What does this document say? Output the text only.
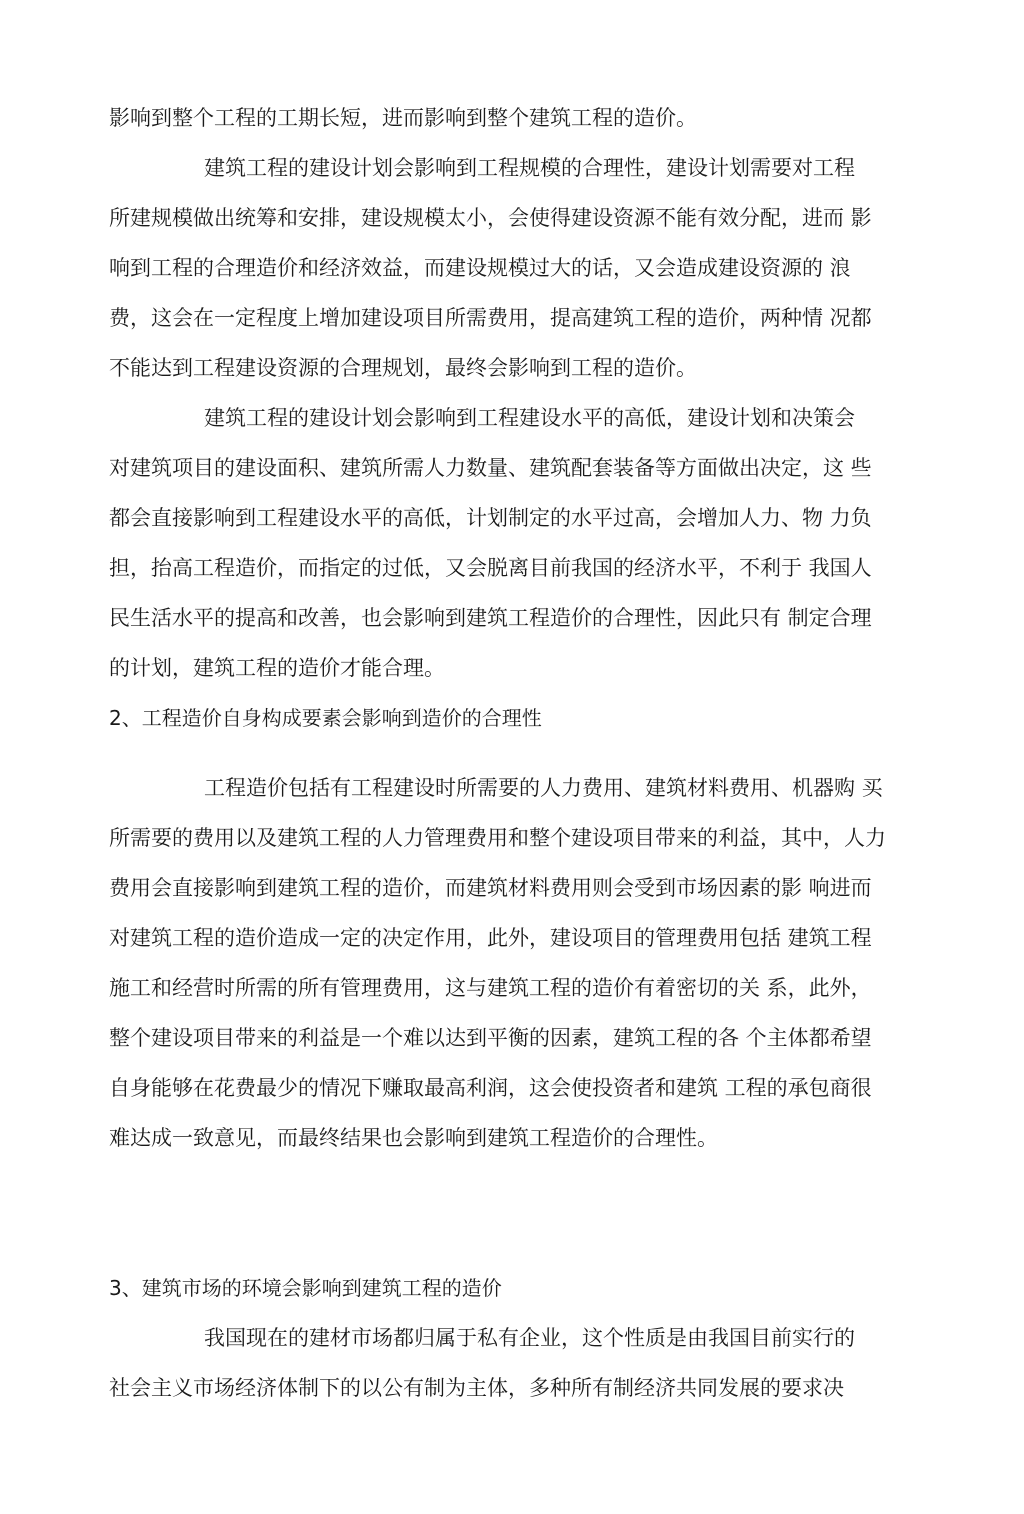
影响到整个工程的工期长短，进而影响到整个建筑工程的造价。
建筑工程的建设计划会影响到工程规模的合理性，建设计划需要对工程
所建规模做出统筹和安排，建设规模太小，会使得建设资源不能有效分配，进而 影
响到工程的合理造价和经济效益，而建设规模过大的话，又会造成建设资源的 浪
费，这会在一定程度上增加建设项目所需费用，提高建筑工程的造价，两种情 况都
不能达到工程建设资源的合理规划，最终会影响到工程的造价。
建筑工程的建设计划会影响到工程建设水平的高低，建设计划和决策会
对建筑项目的建设面积、建筑所需人力数量、建筑配套装备等方面做出决定，这 些
都会直接影响到工程建设水平的高低，计划制定的水平过高，会增加人力、物 力负
担，抬高工程造价，而指定的过低，又会脱离目前我国的经济水平，不利于 我国人
民生活水平的提高和改善，也会影响到建筑工程造价的合理性，因此只有 制定合理
的计划，建筑工程的造价才能合理。
2、工程造价自身构成要素会影响到造价的合理性
工程造价包括有工程建设时所需要的人力费用、建筑材料费用、机器购 买
所需要的费用以及建筑工程的人力管理费用和整个建设项目带来的利益，其中，人力
费用会直接影响到建筑工程的造价，而建筑材料费用则会受到市场因素的影 响进而
对建筑工程的造价造成一定的决定作用，此外，建设项目的管理费用包括 建筑工程
施工和经营时所需的所有管理费用，这与建筑工程的造价有着密切的关 系，此外，
整个建设项目带来的利益是一个难以达到平衡的因素，建筑工程的各 个主体都希望
自身能够在花费最少的情况下赚取最高利润，这会使投资者和建筑 工程的承包商很
难达成一致意见，而最终结果也会影响到建筑工程造价的合理性。
3、建筑市场的环境会影响到建筑工程的造价
我国现在的建材市场都归属于私有企业，这个性质是由我国目前实行的
社会主义市场经济体制下的以公有制为主体，多种所有制经济共同发展的要求决
